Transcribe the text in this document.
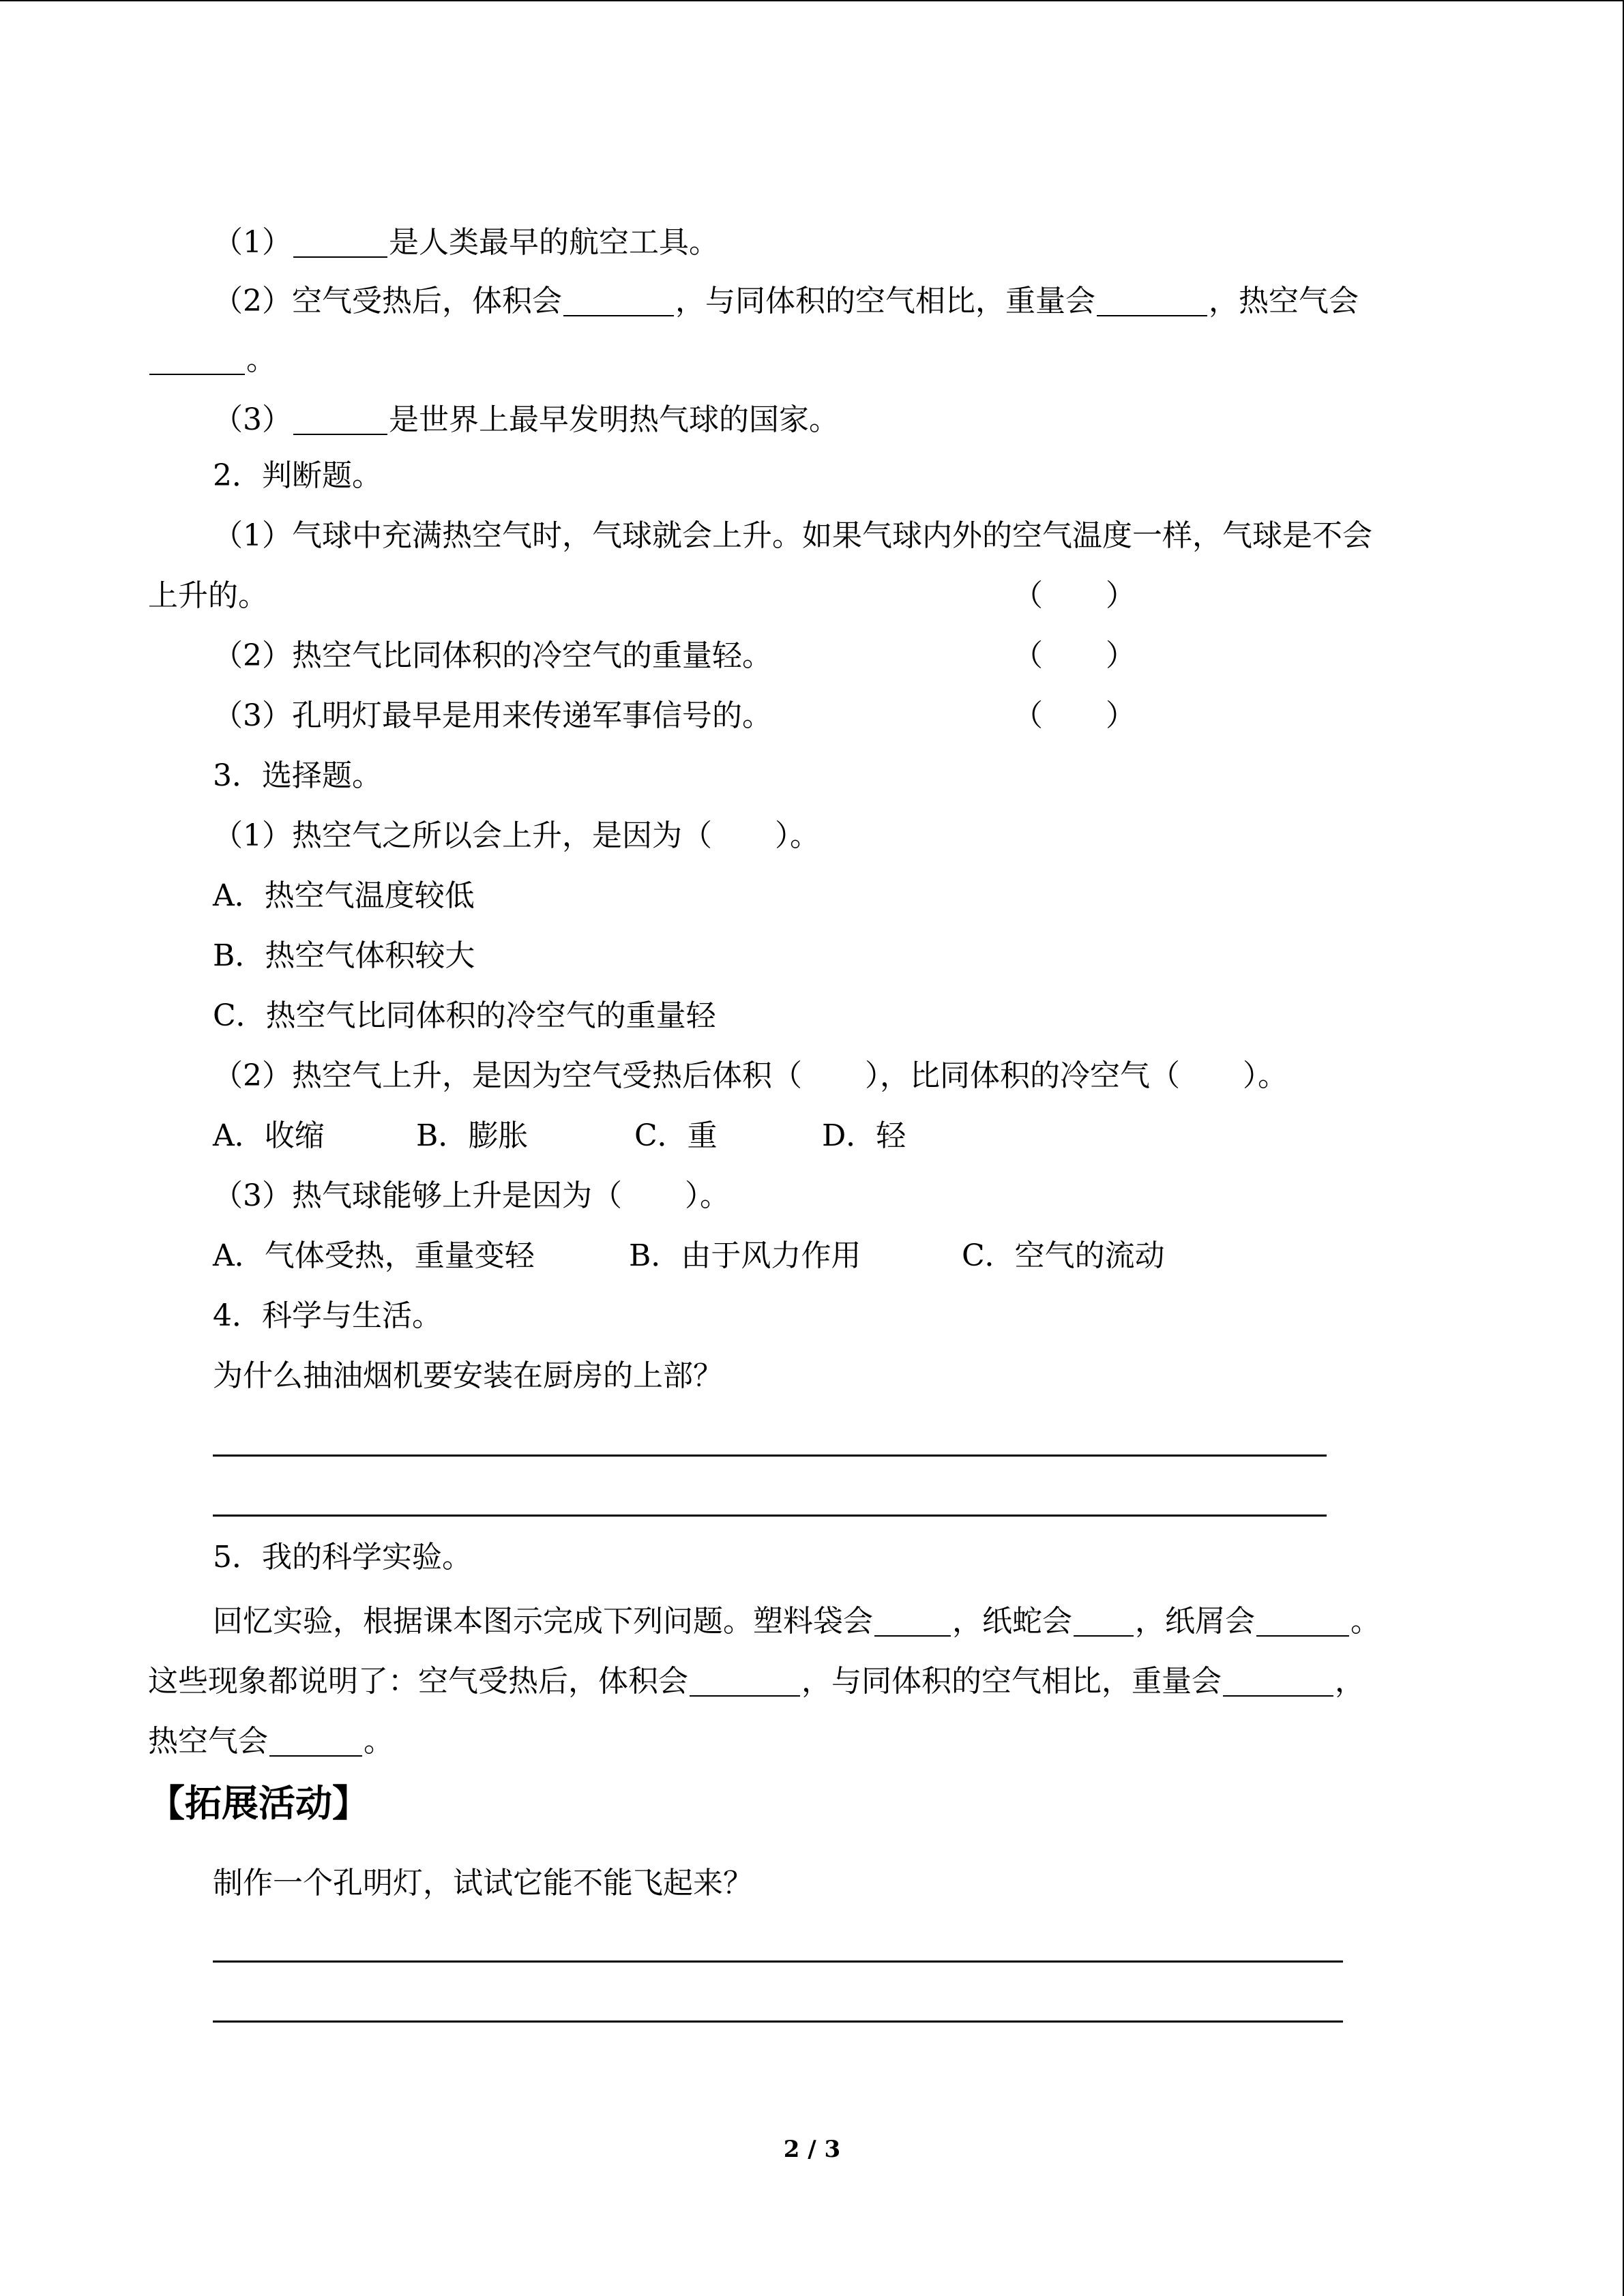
（1）	是人类最早的航空工具。
（2）空气受热后，体积会	，与同体积的空气相比，重量会	，热空气会
。
（3）	是世界上最早发明热气球的国家。
2．判断题。
（1）气球中充满热空气时，气球就会上升。如果气球内外的空气温度一样，气球是不会
上升的。	（ ）
（2）热空气比同体积的冷空气的重量轻。	（ ）
（3）孔明灯最早是用来传递军事信号的。	（ ）
3．选择题。
（1）热空气之所以会上升，是因为（ ）。
A．热空气温度较低
B．热空气体积较大
C．热空气比同体积的冷空气的重量轻
（2）热空气上升，是因为空气受热后体积（ ），比同体积的冷空气（ ）。
A．收缩	B．膨胀	C．重	D．轻
（3）热气球能够上升是因为（ ）。
A．气体受热，重量变轻	B．由于风力作用	C．空气的流动
4．科学与生活。
为什么抽油烟机要安装在厨房的上部？
5．我的科学实验。
回忆实验，根据课本图示完成下列问题。塑料袋会	，纸蛇会 ，纸屑会	。
这些现象都说明了：空气受热后，体积会	，与同体积的空气相比，重量会	，
热空气会	。
【拓展活动】
制作一个孔明灯，试试它能不能飞起来？
2 / 3
